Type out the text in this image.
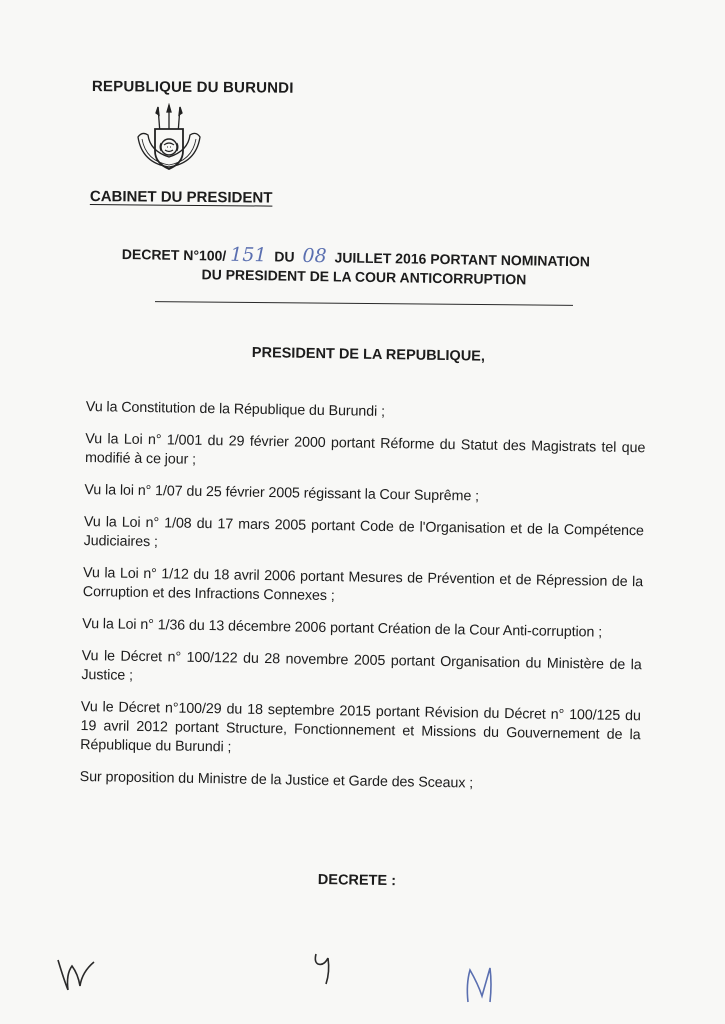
REPUBLIQUE DU BURUNDI
CABINET DU PRESIDENT
DECRET N°100/ 151 DU 08 JUILLET 2016 PORTANT NOMINATION
DU PRESIDENT DE LA COUR ANTICORRUPTION
PRESIDENT DE LA REPUBLIQUE,

Vu la Constitution de la République du Burundi ;

Vu la Loi n° 1/001 du 29 février 2000 portant Réforme du Statut des Magistrats tel que modifié à ce jour ;

Vu la loi n° 1/07 du 25 février 2005 régissant la Cour Suprême ;

Vu la Loi n° 1/08 du 17 mars 2005 portant Code de l'Organisation et de la Compétence Judiciaires ;

Vu la Loi n° 1/12 du 18 avril 2006 portant Mesures de Prévention et de Répression de la Corruption et des Infractions Connexes ;

Vu la Loi n° 1/36 du 13 décembre 2006 portant Création de la Cour Anti-corruption ;

Vu le Décret n° 100/122 du 28 novembre 2005 portant Organisation du Ministère de la Justice ;

Vu le Décret n°100/29 du 18 septembre 2015 portant Révision du Décret n° 100/125 du 19 avril 2012 portant Structure, Fonctionnement et Missions du Gouvernement de la République du Burundi ;

Sur proposition du Ministre de la Justice et Garde des Sceaux ;

DECRETE :
